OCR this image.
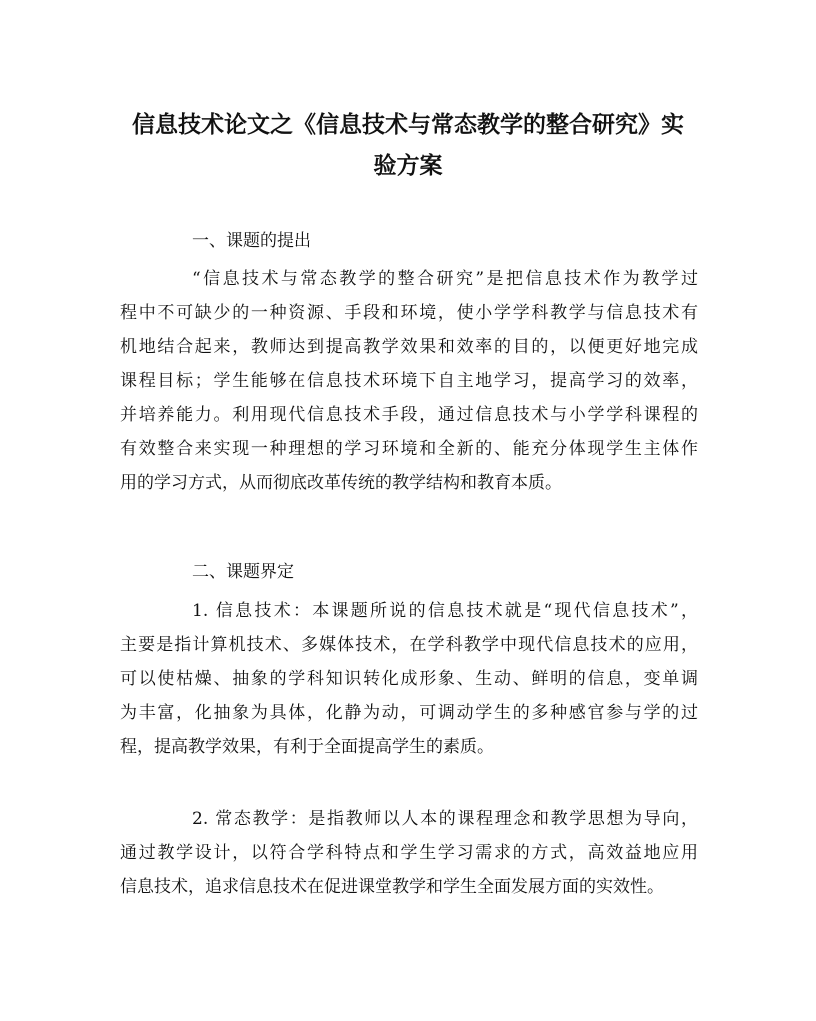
信息技术论文之《信息技术与常态教学的整合研究》实
验方案

一、课题的提出

“信息技术与常态教学的整合研究”是把信息技术作为教学过
程中不可缺少的一种资源、手段和环境，使小学学科教学与信息技术有
机地结合起来，教师达到提高教学效果和效率的目的，以便更好地完成
课程目标；学生能够在信息技术环境下自主地学习，提高学习的效率，
并培养能力。利用现代信息技术手段，通过信息技术与小学学科课程的
有效整合来实现一种理想的学习环境和全新的、能充分体现学生主体作
用的学习方式，从而彻底改革传统的教学结构和教育本质。

二、课题界定

1. 信息技术：本课题所说的信息技术就是“现代信息技术”，
主要是指计算机技术、多媒体技术，在学科教学中现代信息技术的应用，
可以使枯燥、抽象的学科知识转化成形象、生动、鲜明的信息，变单调
为丰富，化抽象为具体，化静为动，可调动学生的多种感官参与学的过
程，提高教学效果，有利于全面提高学生的素质。

2. 常态教学：是指教师以人本的课程理念和教学思想为导向，
通过教学设计，以符合学科特点和学生学习需求的方式，高效益地应用
信息技术，追求信息技术在促进课堂教学和学生全面发展方面的实效性。
